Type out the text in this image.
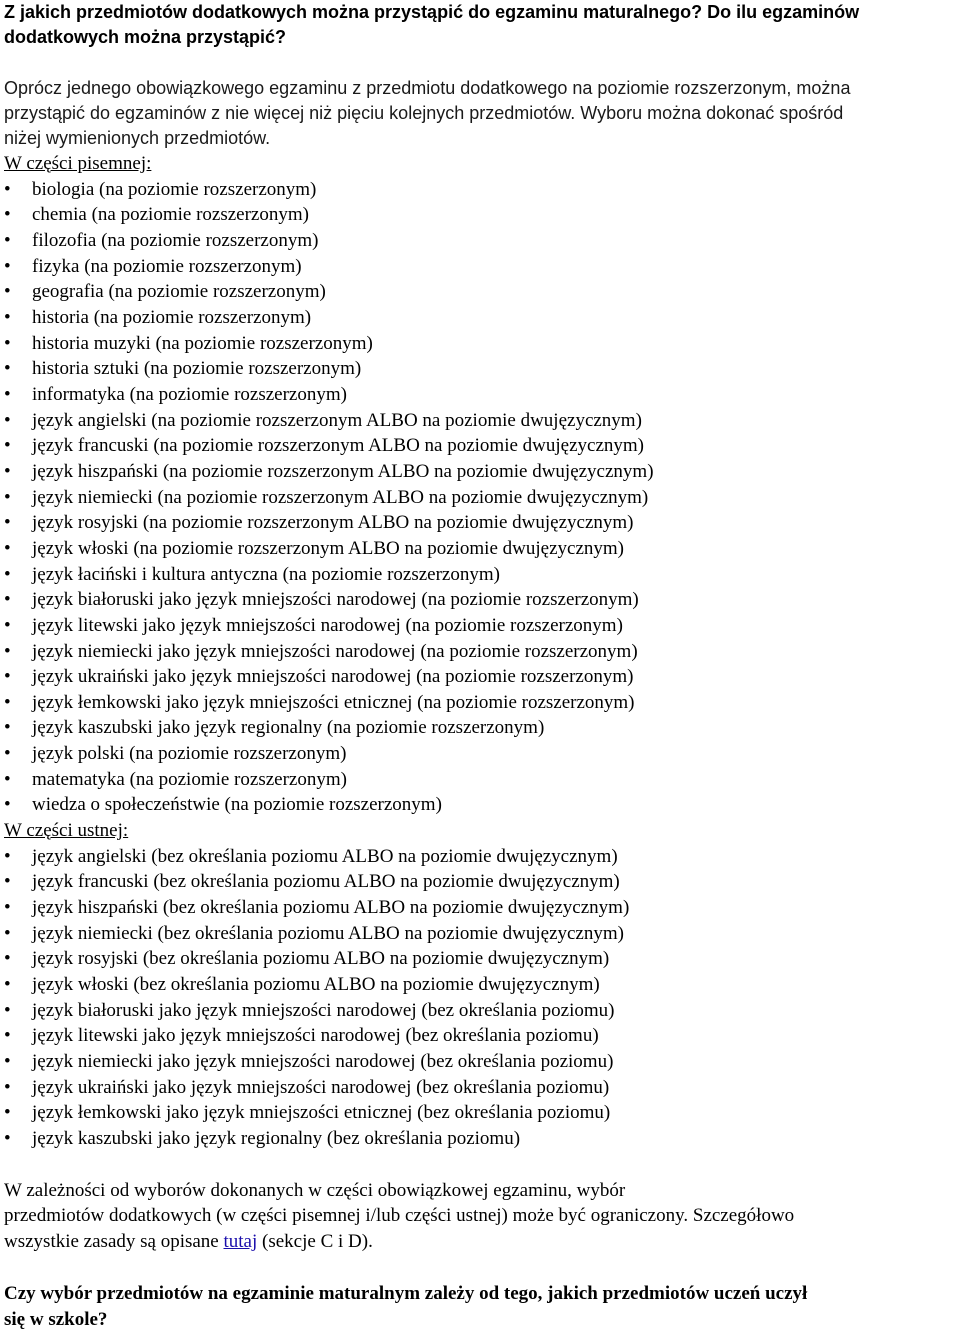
Z jakich przedmiotów dodatkowych można przystąpić do egzaminu maturalnego? Do ilu egzaminów
dodatkowych można przystąpić?

Oprócz jednego obowiązkowego egzaminu z przedmiotu dodatkowego na poziomie rozszerzonym, można
przystąpić do egzaminów z nie więcej niż pięciu kolejnych przedmiotów. Wyboru można dokonać spośród
niżej wymienionych przedmiotów.

W części pisemnej:

•	biologia (na poziomie rozszerzonym)
•	chemia (na poziomie rozszerzonym)
•	filozofia (na poziomie rozszerzonym)
•	fizyka (na poziomie rozszerzonym)
•	geografia (na poziomie rozszerzonym)
•	historia (na poziomie rozszerzonym)
•	historia muzyki (na poziomie rozszerzonym)
•	historia sztuki (na poziomie rozszerzonym)
•	informatyka (na poziomie rozszerzonym)
•	język angielski (na poziomie rozszerzonym ALBO na poziomie dwujęzycznym)
•	język francuski (na poziomie rozszerzonym ALBO na poziomie dwujęzycznym)
•	język hiszpański (na poziomie rozszerzonym ALBO na poziomie dwujęzycznym)
•	język niemiecki (na poziomie rozszerzonym ALBO na poziomie dwujęzycznym)
•	język rosyjski (na poziomie rozszerzonym ALBO na poziomie dwujęzycznym)
•	język włoski (na poziomie rozszerzonym ALBO na poziomie dwujęzycznym)
•	język łaciński i kultura antyczna (na poziomie rozszerzonym)
•	język białoruski jako język mniejszości narodowej (na poziomie rozszerzonym)
•	język litewski jako język mniejszości narodowej (na poziomie rozszerzonym)
•	język niemiecki jako język mniejszości narodowej (na poziomie rozszerzonym)
•	język ukraiński jako język mniejszości narodowej (na poziomie rozszerzonym)
•	język łemkowski jako język mniejszości etnicznej (na poziomie rozszerzonym)
•	język kaszubski jako język regionalny (na poziomie rozszerzonym)
•	język polski (na poziomie rozszerzonym)
•	matematyka (na poziomie rozszerzonym)
•	wiedza o społeczeństwie (na poziomie rozszerzonym)

W części ustnej:

•	język angielski (bez określania poziomu ALBO na poziomie dwujęzycznym)
•	język francuski (bez określania poziomu ALBO na poziomie dwujęzycznym)
•	język hiszpański (bez określania poziomu ALBO na poziomie dwujęzycznym)
•	język niemiecki (bez określania poziomu ALBO na poziomie dwujęzycznym)
•	język rosyjski (bez określania poziomu ALBO na poziomie dwujęzycznym)
•	język włoski (bez określania poziomu ALBO na poziomie dwujęzycznym)
•	język białoruski jako język mniejszości narodowej (bez określania poziomu)
•	język litewski jako język mniejszości narodowej (bez określania poziomu)
•	język niemiecki jako język mniejszości narodowej (bez określania poziomu)
•	język ukraiński jako język mniejszości narodowej (bez określania poziomu)
•	język łemkowski jako język mniejszości etnicznej (bez określania poziomu)
•	język kaszubski jako język regionalny (bez określania poziomu)

W zależności od wyborów dokonanych w części obowiązkowej egzaminu, wybór
przedmiotów dodatkowych (w części pisemnej i/lub części ustnej) może być ograniczony. Szczegółowo
wszystkie zasady są opisane tutaj (sekcje C i D).

Czy wybór przedmiotów na egzaminie maturalnym zależy od tego, jakich przedmiotów uczeń uczył
się w szkole?
